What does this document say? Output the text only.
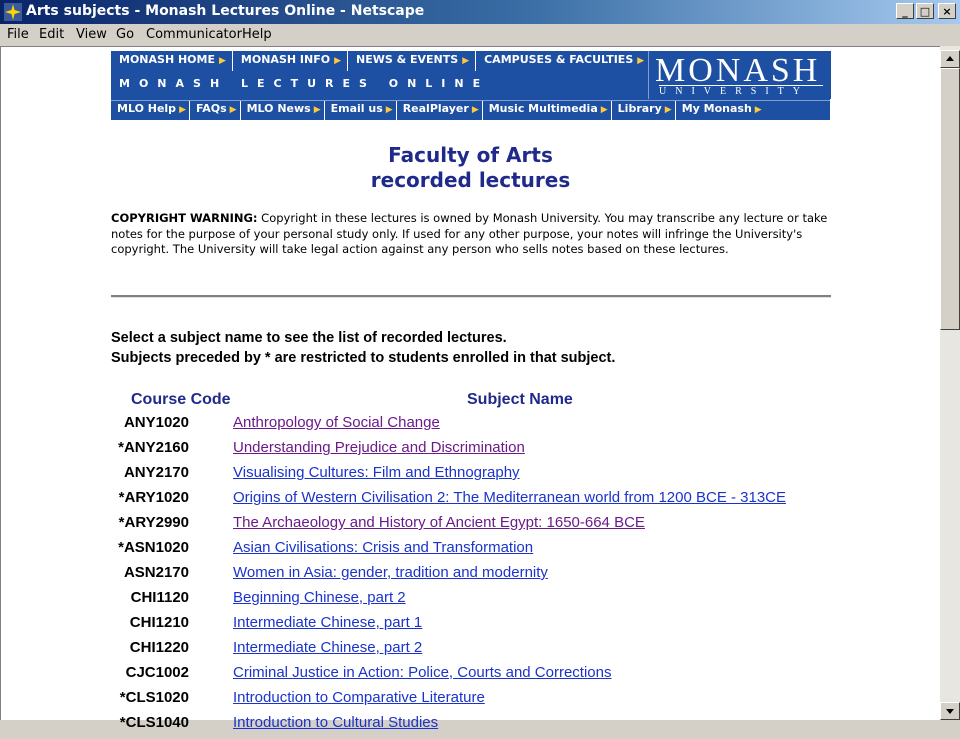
Arts subjects - Monash Lectures Online - Netscape	_	□	×
File Edit View Go Communicator Help
MONASH HOME ▶	MONASH INFO ▶	NEWS & EVENTS ▶	CAMPUSES & FACULTIES ▶
MONASH LECTURES ONLINE	MONASH
UNIVERSITY
MLO Help ▶ FAQs ▶ MLO News ▶ Email us ▶ RealPlayer ▶ Music Multimedia ▶ Library ▶ My Monash ▶
Faculty of Arts
recorded lectures
COPYRIGHT WARNING: Copyright in these lectures is owned by Monash University. You may transcribe any lecture or take notes for the purpose of your personal study only. If used for any other purpose, your notes will infringe the University's copyright. The University will take legal action against any person who sells notes based on these lectures.
Select a subject name to see the list of recorded lectures.
Subjects preceded by * are restricted to students enrolled in that subject.
Course Code	Subject Name
ANY1020	Anthropology of Social Change
*ANY2160	Understanding Prejudice and Discrimination
ANY2170	Visualising Cultures: Film and Ethnography
*ARY1020	Origins of Western Civilisation 2: The Mediterranean world from 1200 BCE - 313CE
*ARY2990	The Archaeology and History of Ancient Egypt: 1650-664 BCE
*ASN1020	Asian Civilisations: Crisis and Transformation
ASN2170	Women in Asia: gender, tradition and modernity
CHI1120	Beginning Chinese, part 2
CHI1210	Intermediate Chinese, part 1
CHI1220	Intermediate Chinese, part 2
CJC1002	Criminal Justice in Action: Police, Courts and Corrections
*CLS1020	Introduction to Comparative Literature
*CLS1040	Introduction to Cultural Studies
